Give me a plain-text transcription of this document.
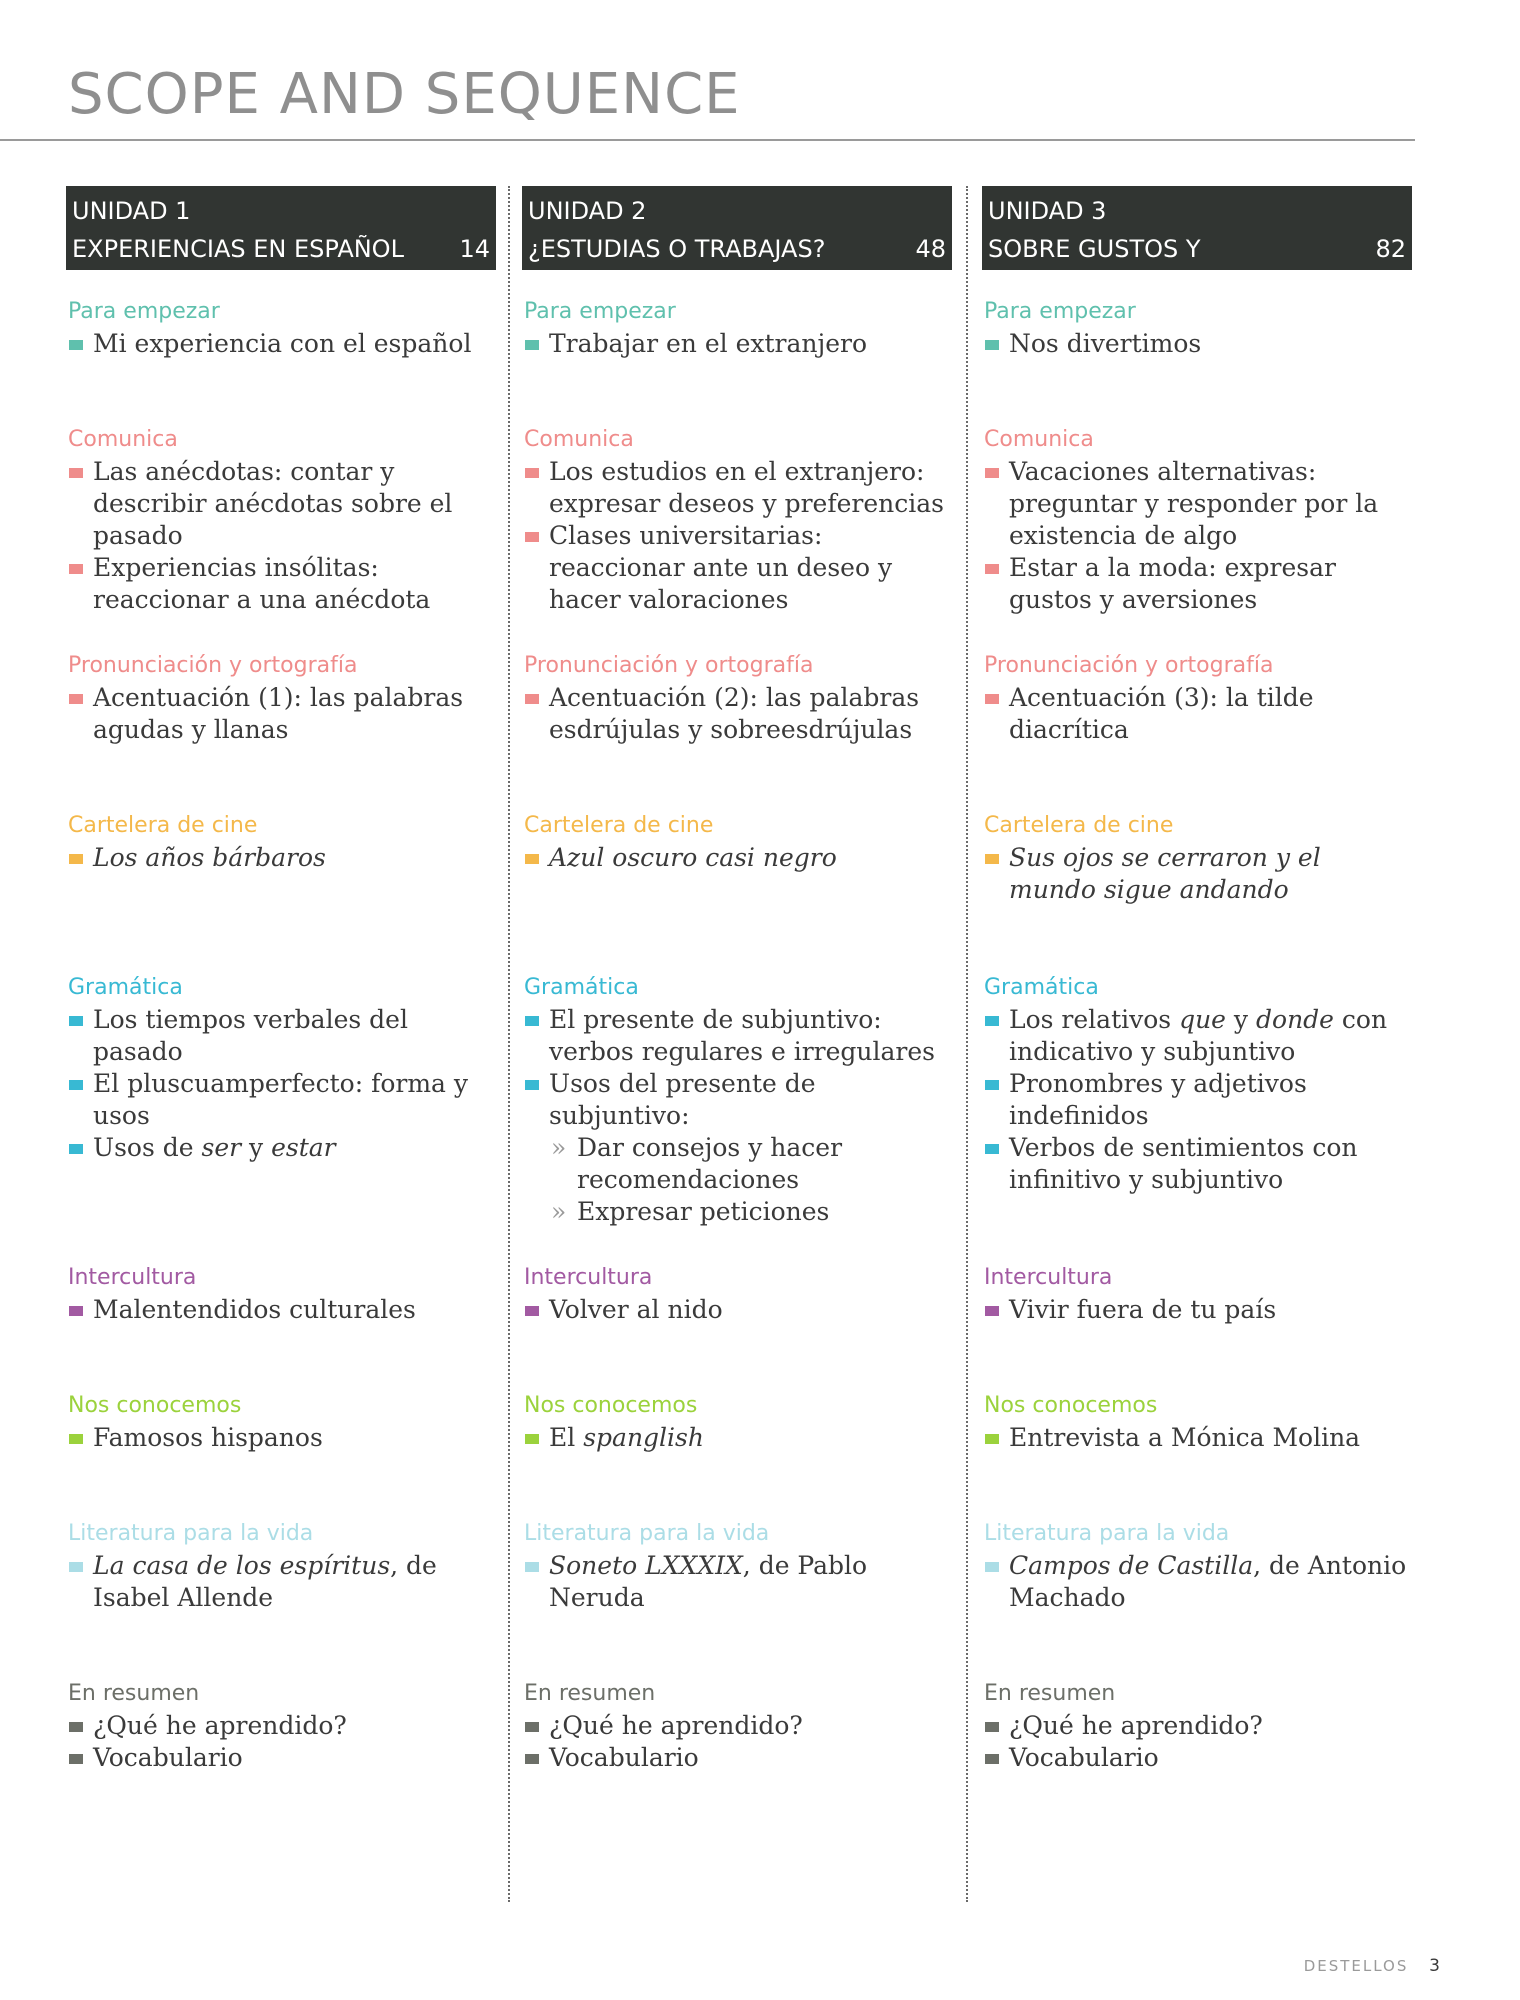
SCOPE AND SEQUENCE
UNIDAD 1
EXPERIENCIAS EN ESPAÑOL 14
Para empezar
Mi experiencia con el español
Comunica
Las anécdotas: contar y describir anécdotas sobre el pasado
Experiencias insólitas: reaccionar a una anécdota
Pronunciación y ortografía
Acentuación (1): las palabras agudas y llanas
Cartelera de cine
Los años bárbaros
Gramática
Los tiempos verbales del pasado
El pluscuamperfecto: forma y usos
Usos de ser y estar
Intercultura
Malentendidos culturales
Nos conocemos
Famosos hispanos
Literatura para la vida
La casa de los espíritus, de Isabel Allende
En resumen
¿Qué he aprendido?
Vocabulario
UNIDAD 2
¿ESTUDIAS O TRABAJAS?	48
Para empezar
Trabajar en el extranjero
Comunica
Los estudios en el extranjero: expresar deseos y preferencias
Clases universitarias: reaccionar ante un deseo y hacer valoraciones
Pronunciación y ortografía
Acentuación (2): las palabras esdrújulas y sobreesdrújulas
Cartelera de cine
Azul oscuro casi negro
Gramática
El presente de subjuntivo: verbos regulares e irregulares
Usos del presente de subjuntivo:
» Dar consejos y hacer recomendaciones
» Expresar peticiones
Intercultura
Volver al nido
Nos conocemos
El spanglish
Literatura para la vida
Soneto LXXXIX, de Pablo Neruda
En resumen
¿Qué he aprendido?
Vocabulario
UNIDAD 3
SOBRE GUSTOS Y SENTIMIENTOS
82
Para empezar
Nos divertimos
Comunica
Vacaciones alternativas: preguntar y responder por la existencia de algo
Estar a la moda: expresar gustos y aversiones
Pronunciación y ortografía
Acentuación (3): la tilde diacrítica
Cartelera de cine
Sus ojos se cerraron y el mundo sigue andando
Gramática
Los relativos que y donde con indicativo y subjuntivo
Pronombres y adjetivos indefinidos
Verbos de sentimientos con infinitivo y subjuntivo
Intercultura
Vivir fuera de tu país
Nos conocemos
Entrevista a Mónica Molina
Literatura para la vida
Campos de Castilla, de Antonio Machado
En resumen
¿Qué he aprendido?
Vocabulario
DESTELLOS 3
